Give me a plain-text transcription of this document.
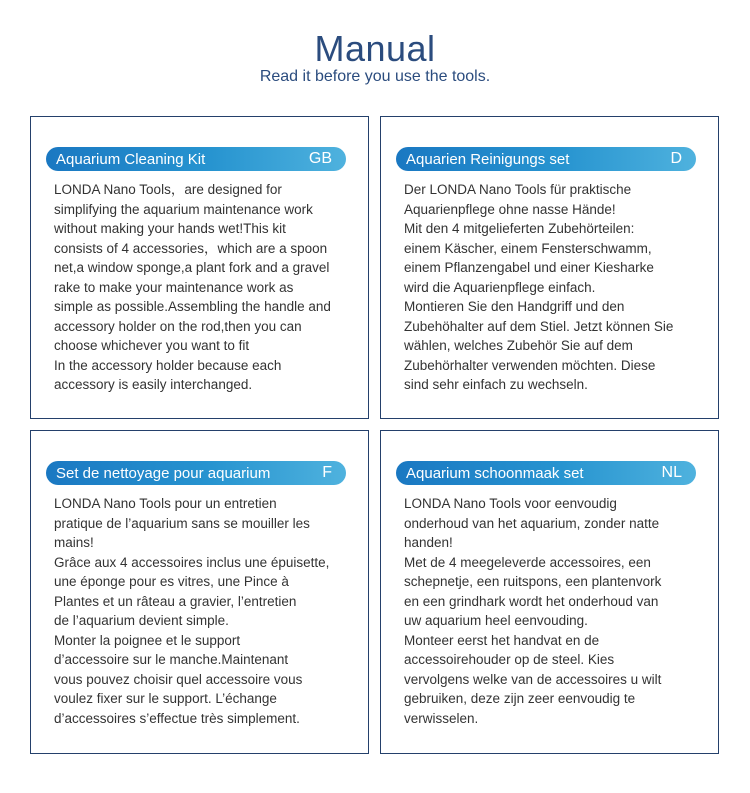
Manual
Read it before you use the tools.
Aquarium Cleaning Kit	GB
LONDA Nano Tools，are designed for
simplifying the aquarium maintenance work
without making your hands wet!This kit
consists of 4 accessories，which are a spoon
net,a window sponge,a plant fork and a gravel
rake to make your maintenance work as
simple as possible.Assembling the handle and
accessory holder on the rod,then you can
choose whichever you want to fit
In the accessory holder because each
accessory is easily interchanged.
Aquarien Reinigungs set	D
Der LONDA Nano Tools für praktische
Aquarienpflege ohne nasse Hände!
Mit den 4 mitgelieferten Zubehörteilen:
einem Käscher, einem Fensterschwamm,
einem Pflanzengabel und einer Kiesharke
wird die Aquarienpflege einfach.
Montieren Sie den Handgriff und den
Zubehöhalter auf dem Stiel. Jetzt können Sie
wählen, welches Zubehör Sie auf dem
Zubehörhalter verwenden möchten. Diese
sind sehr einfach zu wechseln.
Set de nettoyage pour aquarium	F
LONDA Nano Tools pour un entretien
pratique de l’aquarium sans se mouiller les
mains!
Grâce aux 4 accessoires inclus une épuisette,
une éponge pour es vitres, une Pince à
Plantes et un râteau a gravier, l’entretien
de l’aquarium devient simple.
Monter la poignee et le support
d’accessoire sur le manche.Maintenant
vous pouvez choisir quel accessoire vous
voulez fixer sur le support. L’échange
d’accessoires s’effectue très simplement.
Aquarium schoonmaak set	NL
LONDA Nano Tools voor eenvoudig
onderhoud van het aquarium, zonder natte
handen!
Met de 4 meegeleverde accessoires, een
schepnetje, een ruitspons, een plantenvork
en een grindhark wordt het onderhoud van
uw aquarium heel eenvouding.
Monteer eerst het handvat en de
accessoirehouder op de steel. Kies
vervolgens welke van de accessoires u wilt
gebruiken, deze zijn zeer eenvoudig te
verwisselen.
